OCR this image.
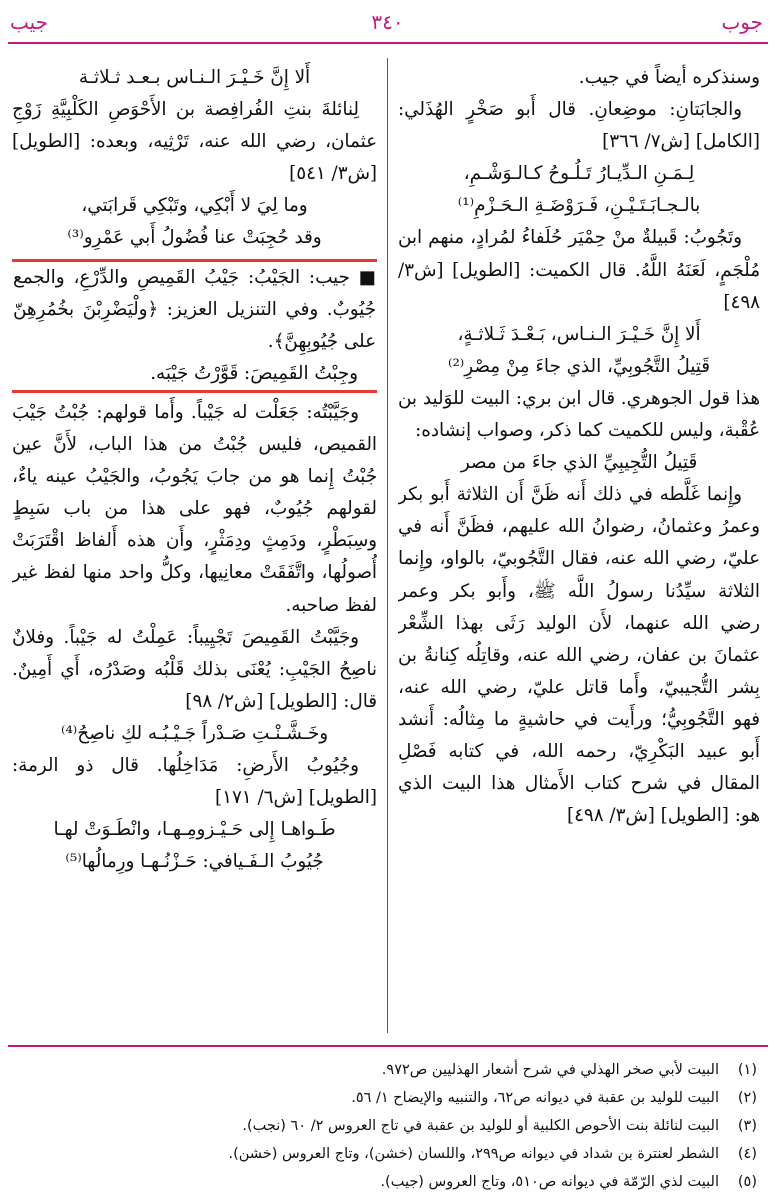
جوب
٣٤٠
جيب

وسنذكره أيضاً في جيب.

والجابَتانِ: موضِعانِ. قال أَبو صَخْرٍ الهُذَلي: [الكامل] [ش٧/ ٣٦٦]

لِـمَـنِ الـدِّيـارُ تَـلُـوحُ كـالـوَشْـمِ،

بالـجـابَـتَـيْـنِ، فَـرَوْضَـةِ الـحَـزْمِ⁽¹⁾

وتَجُوبُ: قَبيلةٌ منْ حِمْيَر حُلَفاءُ لمُرادٍ، منهم ابن مُلْجَمٍ، لَعَنَهُ اللَّهُ. قال الكميت: [الطويل] [ش٣/ ٤٩٨]

أَلا إِنَّ خَـيْـرَ الـنـاس، بَـعْـدَ ثَـلاثـةٍ،

قَتِيلُ التَّجُوبِيِّ، الذي جاءَ مِنْ مِصْرِ⁽²⁾

هذا قول الجوهري. قال ابن بري: البيت للوَليد بن عُقْبة، وليس للكميت كما ذكر، وصواب إنشاده:

قَتِيلُ التُّجِيبِيِّ الذي جاءَ من مصر

وإِنما غَلَّطه في ذلك أَنه ظَنَّ أَن الثلاثة أَبو بكر وعمرُ وعثمانُ، رضوانُ الله عليهم، فظَنَّ أَنه في عليّ، رضي الله عنه، فقال التَّجُوبيّ، بالواو، وإِنما الثلاثة سيِّدُنا رسولُ اللَّه ﷺ، وأَبو بكر وعمر رضي الله عنهما، لأَن الوليد رَثَى بهذا الشِّعْر عثمانَ بن عفان، رضي الله عنه، وقاتِلُه كِنانةُ بن بِشر التُّجيبيّ، وأَما قاتل عليّ، رضي الله عنه، فهو التَّجُوبِيُّ؛ ورأَيت في حاشيةٍ ما مِثالُه: أَنشد أَبو عبيد البَكْرِيّ، رحمه الله، في كتابه فَصْلِ المقال في شرح كتاب الأَمثال هذا البيت الذي هو: [الطويل] [ش٣/ ٤٩٨]

أَلا إِنَّ خَـيْـرَ الـنـاس بـعـد ثـلاثـة

لِنائلةَ بنتِ الفُرافِصة بن الأَحْوَصِ الكَلْبِيَّةِ زَوْجِ عثمان، رضي الله عنه، تَرْثِيه، وبعده: [الطويل] [ش٣/ ٥٤١]

وما لِيَ لا أَبْكِي، وتَبْكِي قَرابَتي،

وقد حُجِبَتْ عنا فُضُولُ أَبي عَمْرِو⁽³⁾

■ جيب: الجَيْبُ: جَيْبُ القَمِيصِ والدِّرْعِ، والجمع جُيُوبٌ. وفي التنزيل العزيز: ﴿ولْيَضْرِبْنَ بخُمُرِهِنّ على جُيُوبِهِنَّ﴾.

وجِبْتُ القَمِيصَ: قَوَّرْتُ جَيْبَه.

وجَيَّبْتُه: جَعَلْت له جَيْباً. وأَما قولهم: جُبْتُ جَيْبَ القميص، فليس جُبْتُ من هذا الباب، لأَنَّ عين جُبْتُ إِنما هو من جابَ يَجُوبُ، والجَيْبُ عينه ياءٌ، لقولهم جُيُوبٌ، فهو على هذا من باب سَبِطٍ وسِبَطْرٍ، ودَمِثٍ ودِمَثْرٍ، وأَن هذه أَلفاظ اقْتَرَبَتْ أُصولُها، واتَّفَقَتْ معانِيها، وكلُّ واحد منها لفظ غير لفظ صاحبه.

وجَيَّبْتُ القَمِيصَ تَجْيِيباً: عَمِلْتُ له جَيْباً. وفلانٌ ناصِحُ الجَيْبِ: يُعْنَى بذلك قَلْبُه وصَدْرُه، أَي أَمِينٌ. قال: [الطويل] [ش٢/ ٩٨]

وخَـشَّـنْـتِ صَـدْراً جَـيْـبُـه لكِ ناصِحُ⁽⁴⁾

وجُيُوبُ الأَرضِ: مَدَاخِلُها. قال ذو الرمة: [الطويل] [ش٦/ ١٧١]

طَـواهـا إِلى حَـيْـزومِـهـا، وانْطَـوَتْ لهـا

جُيُوبُ الـفَـيافي: حَـزْنُـهـا ورِمالُها⁽⁵⁾

(١)
البيت لأبي صخر الهذلي في شرح أشعار الهذليين ص٩٧٢.
(٢)
البيت للوليد بن عقبة في ديوانه ص٦٢، والتنبيه والإيضاح ١/ ٥٦.
(٣)
البيت لنائلة بنت الأحوص الكلبية أو للوليد بن عقبة في تاج العروس ٢/ ٦٠ (نجب).
(٤)
الشطر لعنترة بن شداد في ديوانه ص٢٩٩، واللسان (خشن)، وتاج العروس (خشن).
(٥)
البيت لذي الرّمّة في ديوانه ص٥١٠، وتاج العروس (جيب).
